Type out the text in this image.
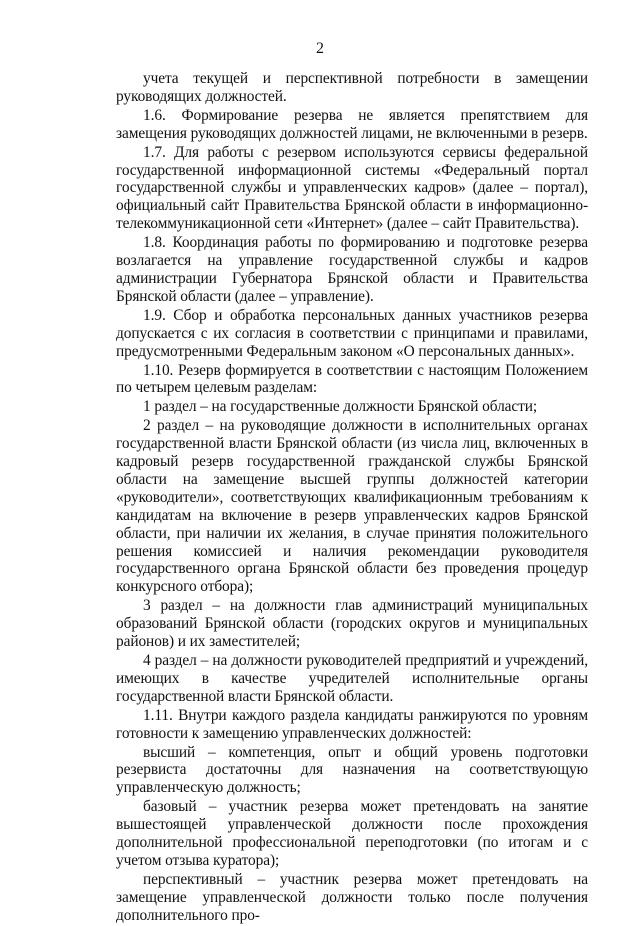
2

учета текущей и перспективной потребности в замещении руководящих должностей.

1.6. Формирование резерва не является препятствием для замещения руководящих должностей лицами, не включенными в резерв.

1.7. Для работы с резервом используются сервисы федеральной государственной информационной системы «Федеральный портал государственной службы и управленческих кадров» (далее – портал), официальный сайт Правительства Брянской области в информационно-телекоммуникационной сети «Интернет» (далее – сайт Правительства).

1.8. Координация работы по формированию и подготовке резерва возлагается на управление государственной службы и кадров администрации Губернатора Брянской области и Правительства Брянской области (далее – управление).

1.9. Сбор и обработка персональных данных участников резерва допускается с их согласия в соответствии с принципами и правилами, предусмотренными Федеральным законом «О персональных данных».

1.10. Резерв формируется в соответствии с настоящим Положением по четырем целевым разделам:

1 раздел – на государственные должности Брянской области;

2 раздел – на руководящие должности в исполнительных органах государственной власти Брянской области (из числа лиц, включенных в кадровый резерв государственной гражданской службы Брянской области на замещение высшей группы должностей категории «руководители», соответствующих квалификационным требованиям к кандидатам на включение в резерв управленческих кадров Брянской области, при наличии их желания, в случае принятия положительного решения комиссией и наличия рекомендации руководителя государственного органа Брянской области без проведения процедур конкурсного отбора);

3 раздел – на должности глав администраций муниципальных образований Брянской области (городских округов и муниципальных районов) и их заместителей;

4 раздел – на должности руководителей предприятий и учреждений, имеющих в качестве учредителей исполнительные органы государственной власти Брянской области.

1.11. Внутри каждого раздела кандидаты ранжируются по уровням готовности к замещению управленческих должностей:

высший – компетенция, опыт и общий уровень подготовки резервиста достаточны для назначения на соответствующую управленческую должность;

базовый – участник резерва может претендовать на занятие вышестоящей управленческой должности после прохождения дополнительной профессиональной переподготовки (по итогам и с учетом отзыва куратора);

перспективный – участник резерва может претендовать на замещение управленческой должности только после получения дополнительного про-
